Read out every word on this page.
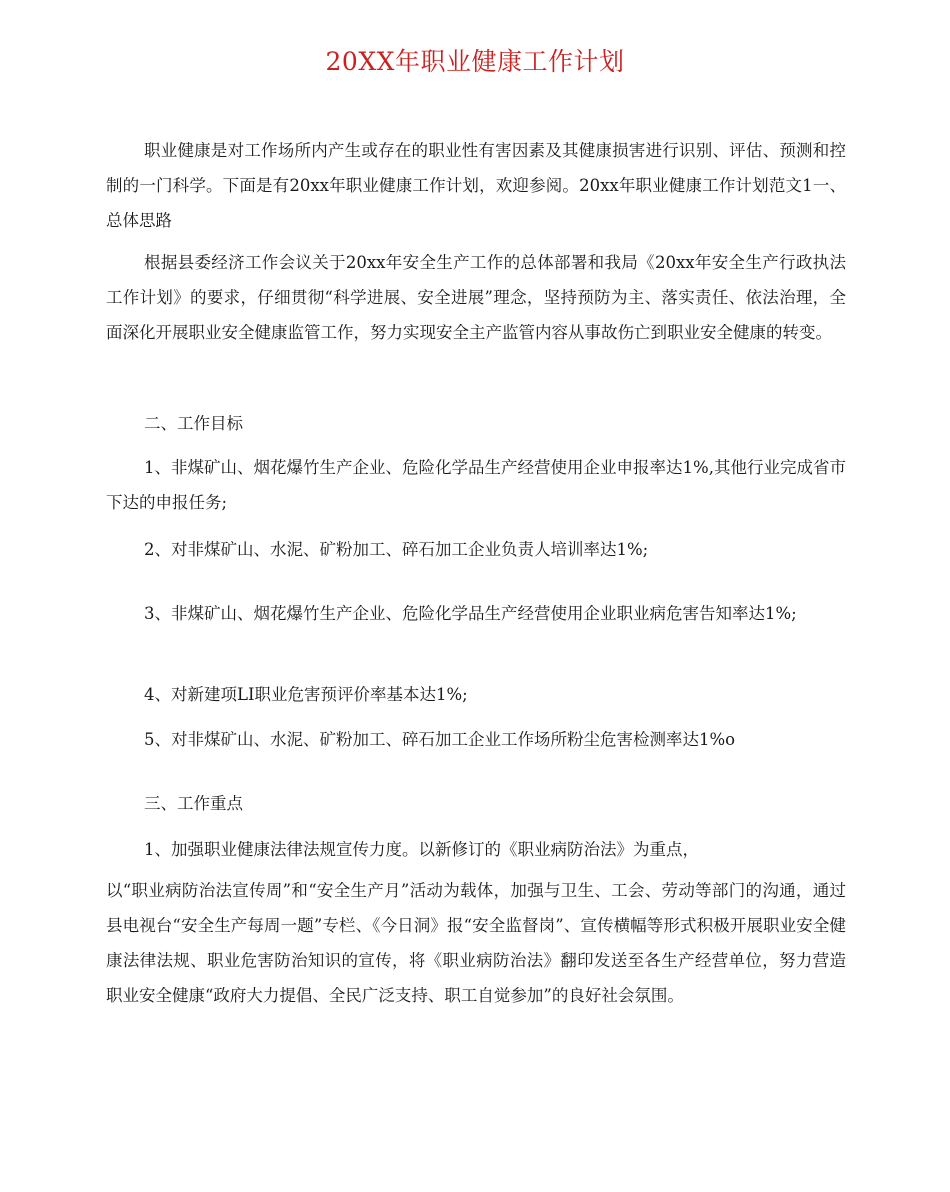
20XX年职业健康工作计划

职业健康是对工作场所内产生或存在的职业性有害因素及其健康损害进行识别、评估、预测和控制的一门科学。下面是有20xx年职业健康工作计划，欢迎参阅。20xx年职业健康工作计划范文1一、总体思路

根据县委经济工作会议关于20xx年安全生产工作的总体部署和我局《20xx年安全生产行政执法工作计划》的要求，仔细贯彻“科学进展、安全进展”理念，坚持预防为主、落实责任、依法治理，全面深化开展职业安全健康监管工作，努力实现安全主产监管内容从事故伤亡到职业安全健康的转变。

二、工作目标

1、非煤矿山、烟花爆竹生产企业、危险化学品生产经营使用企业申报率达1%,其他行业完成省市下达的申报任务;

2、对非煤矿山、水泥、矿粉加工、碎石加工企业负责人培训率达1%;

3、非煤矿山、烟花爆竹生产企业、危险化学品生产经营使用企业职业病危害告知率达1%;

4、对新建项LI职业危害预评价率基本达1%;

5、对非煤矿山、水泥、矿粉加工、碎石加工企业工作场所粉尘危害检测率达1%o

三、工作重点

1、加强职业健康法律法规宣传力度。以新修订的《职业病防治法》为重点，

以“职业病防治法宣传周”和“安全生产月”活动为载体，加强与卫生、工会、劳动等部门的沟通，通过县电视台“安全生产每周一题”专栏、《今日洞》报“安全监督岗”、宣传横幅等形式积极开展职业安全健康法律法规、职业危害防治知识的宣传，将《职业病防治法》翻印发送至各生产经营单位，努力营造职业安全健康“政府大力提倡、全民广泛支持、职工自觉参加”的良好社会氛围。
